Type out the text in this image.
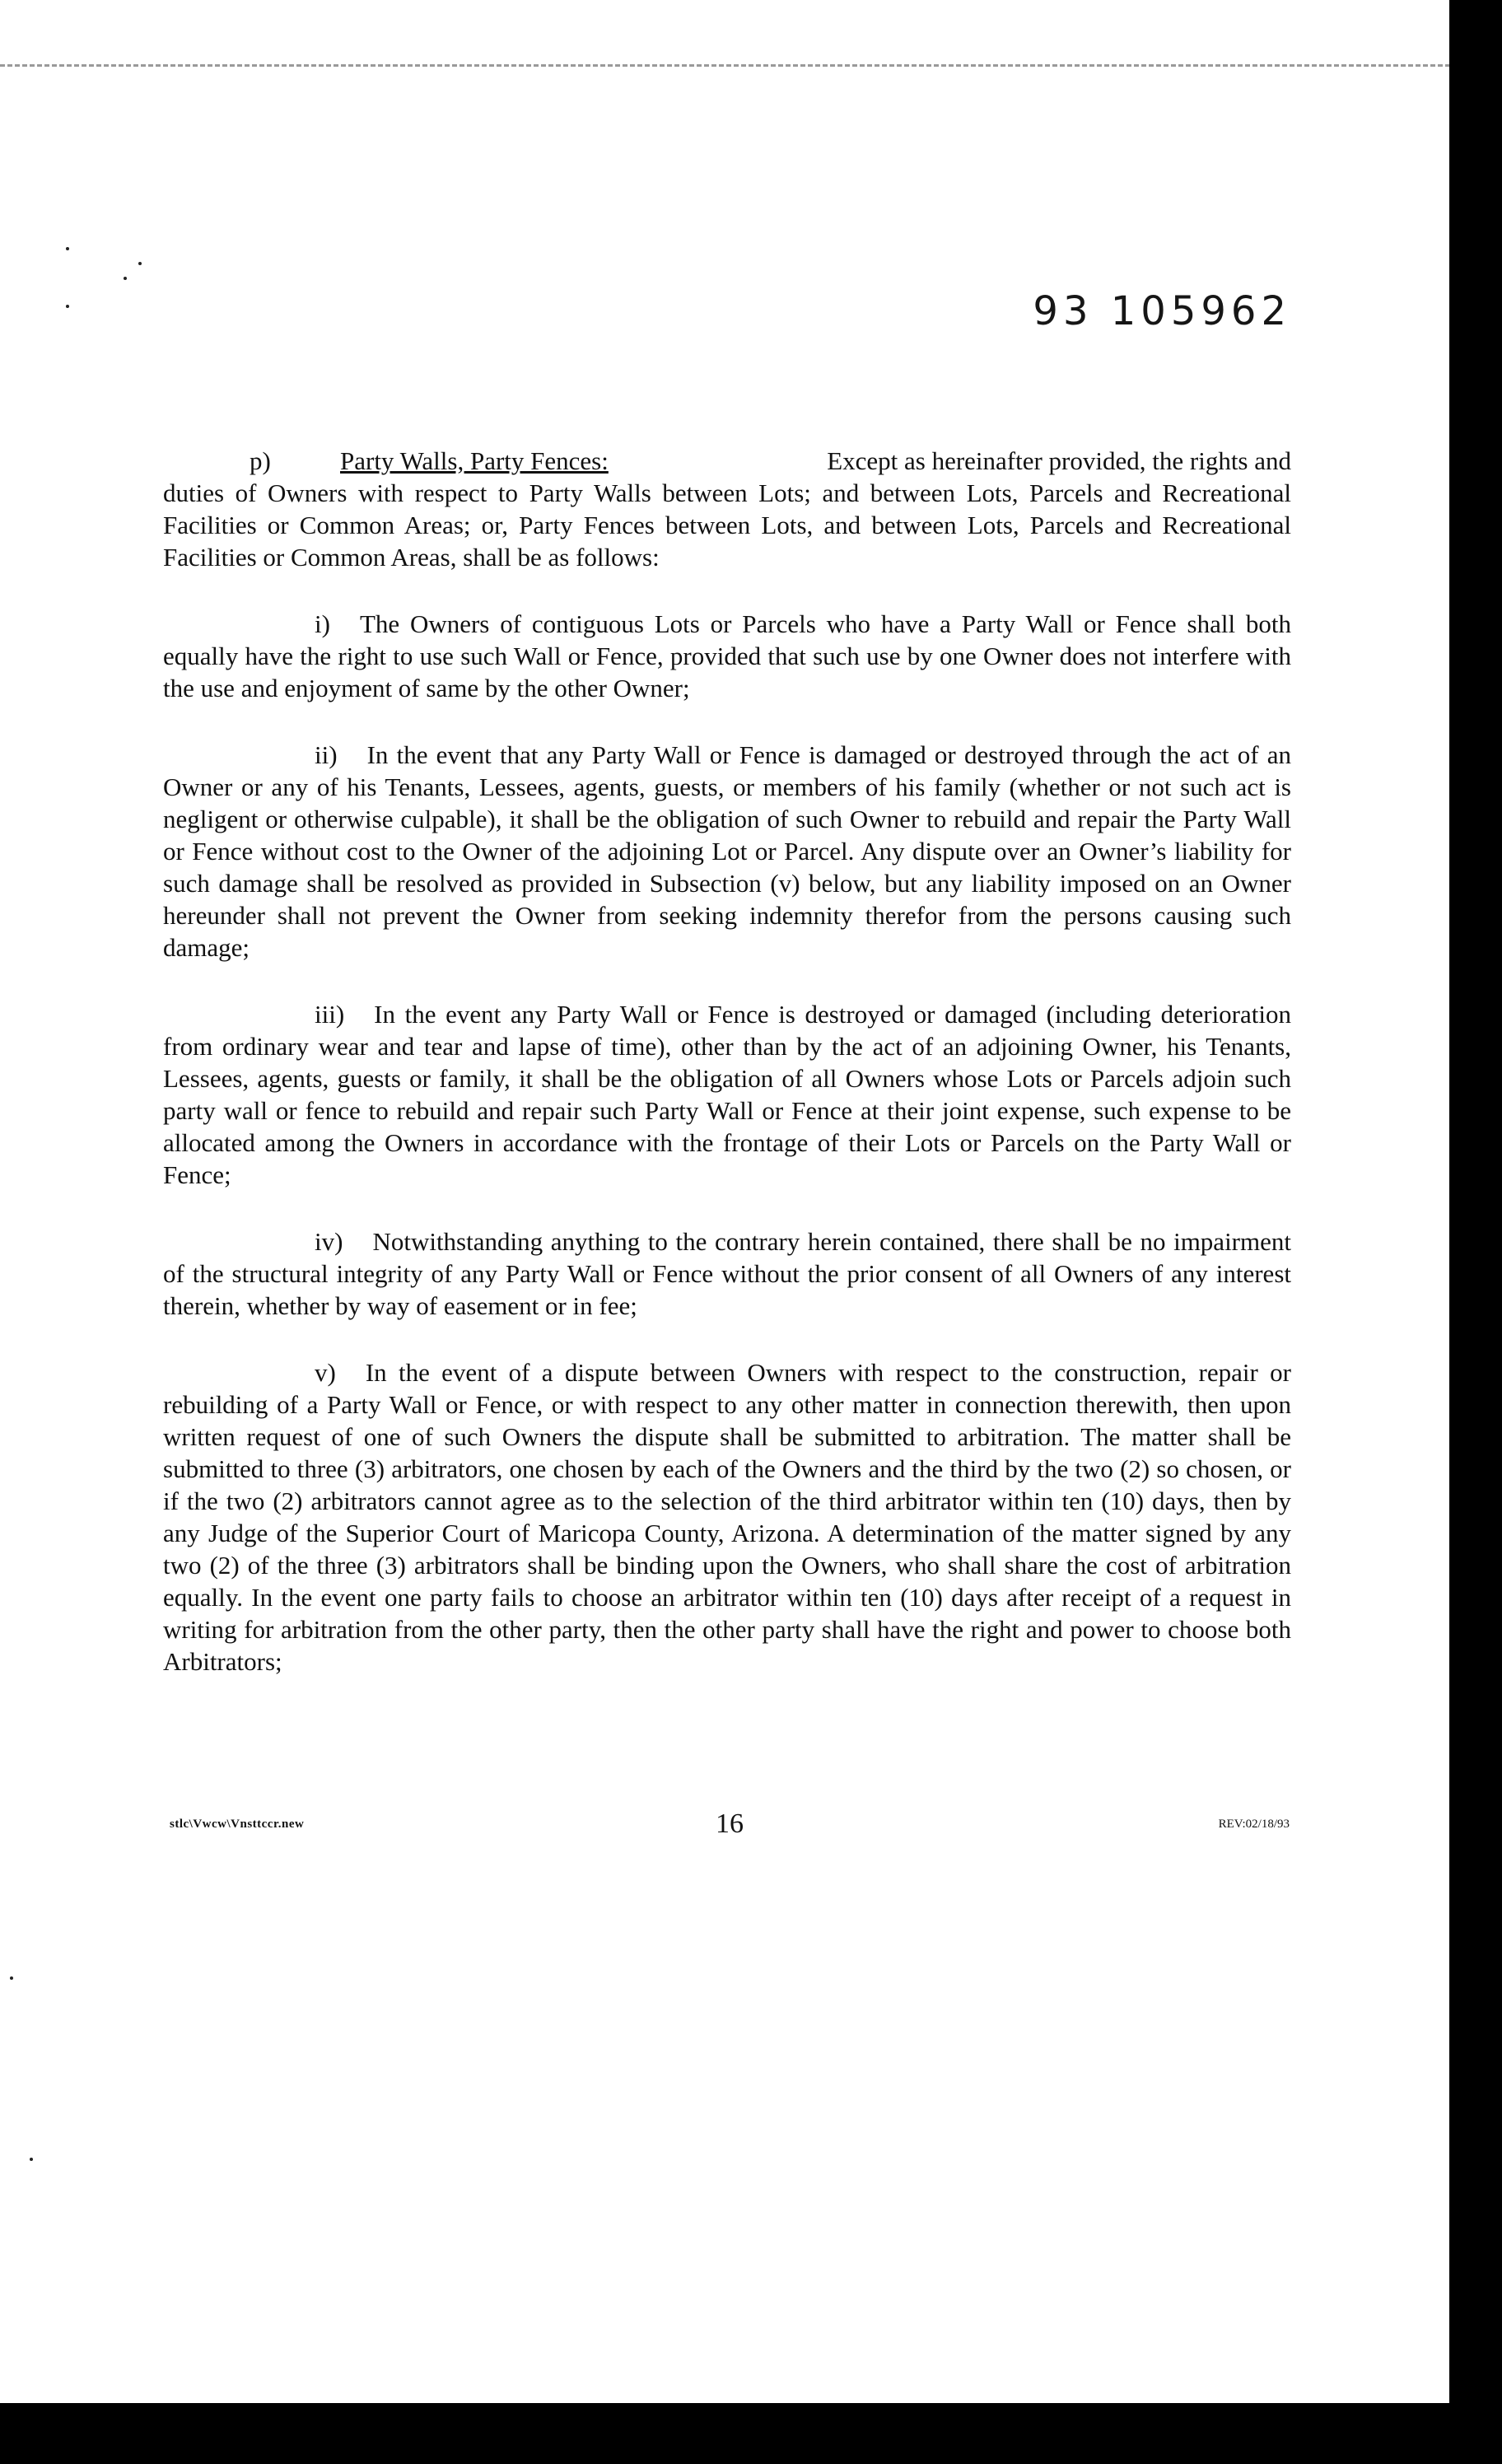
93 105962
p)	Party Walls, Party Fences:	Except as hereinafter provided, the rights and
duties of Owners with respect to Party Walls between Lots; and between Lots, Parcels and Recreational Facilities or Common Areas; or, Party Fences between Lots, and between Lots, Parcels and Recreational Facilities or Common Areas, shall be as follows:
i) The Owners of contiguous Lots or Parcels who have a Party Wall or Fence shall both equally have the right to use such Wall or Fence, provided that such use by one Owner does not interfere with the use and enjoyment of same by the other Owner;
ii) In the event that any Party Wall or Fence is damaged or destroyed through the act of an Owner or any of his Tenants, Lessees, agents, guests, or members of his family (whether or not such act is negligent or otherwise culpable), it shall be the obligation of such Owner to rebuild and repair the Party Wall or Fence without cost to the Owner of the adjoining Lot or Parcel. Any dispute over an Owner’s liability for such damage shall be resolved as provided in Subsection (v) below, but any liability imposed on an Owner hereunder shall not prevent the Owner from seeking indemnity therefor from the persons causing such damage;
iii) In the event any Party Wall or Fence is destroyed or damaged (including deterioration from ordinary wear and tear and lapse of time), other than by the act of an adjoining Owner, his Tenants, Lessees, agents, guests or family, it shall be the obligation of all Owners whose Lots or Parcels adjoin such party wall or fence to rebuild and repair such Party Wall or Fence at their joint expense, such expense to be allocated among the Owners in accordance with the frontage of their Lots or Parcels on the Party Wall or Fence;
iv) Notwithstanding anything to the contrary herein contained, there shall be no impairment of the structural integrity of any Party Wall or Fence without the prior consent of all Owners of any interest therein, whether by way of easement or in fee;
v) In the event of a dispute between Owners with respect to the construction, repair or rebuilding of a Party Wall or Fence, or with respect to any other matter in connection therewith, then upon written request of one of such Owners the dispute shall be submitted to arbitration. The matter shall be submitted to three (3) arbitrators, one chosen by each of the Owners and the third by the two (2) so chosen, or if the two (2) arbitrators cannot agree as to the selection of the third arbitrator within ten (10) days, then by any Judge of the Superior Court of Maricopa County, Arizona. A determination of the matter signed by any two (2) of the three (3) arbitrators shall be binding upon the Owners, who shall share the cost of arbitration equally. In the event one party fails to choose an arbitrator within ten (10) days after receipt of a request in writing for arbitration from the other party, then the other party shall have the right and power to choose both Arbitrators;
stlc\Vwcw\Vnsttccr.new	16	REV:02/18/93
